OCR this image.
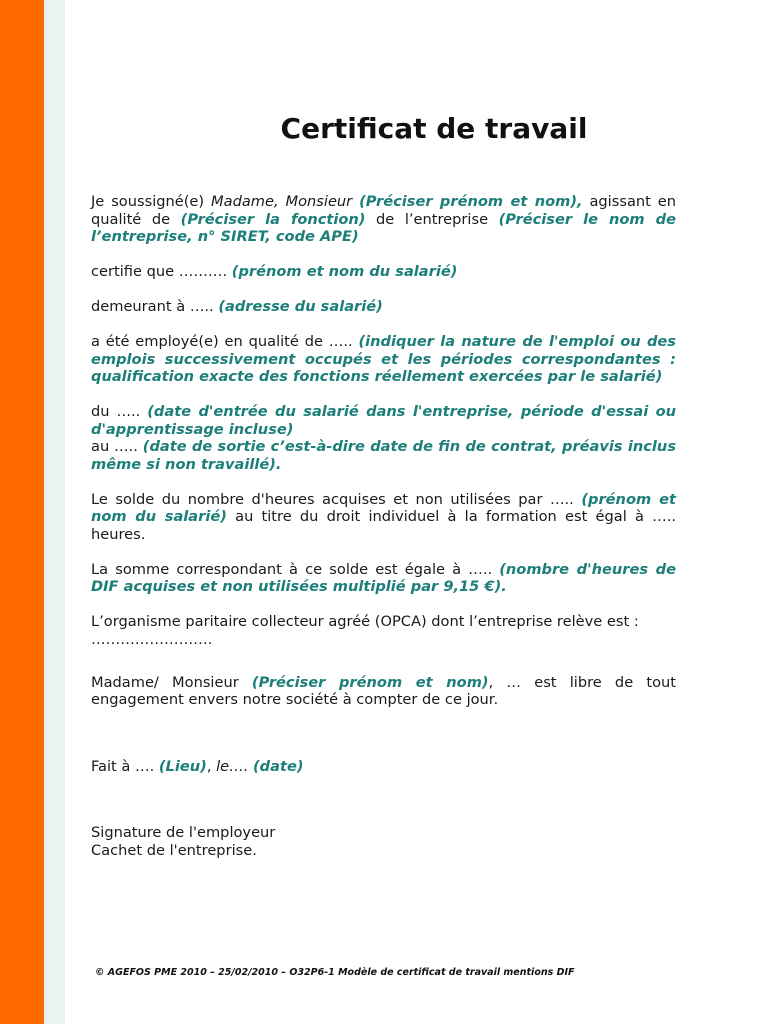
Certificat de travail

Je soussigné(e) Madame, Monsieur (Préciser prénom et nom), agissant en qualité de (Préciser la fonction) de l’entreprise (Préciser le nom de l’entreprise, n° SIRET, code APE)

certifie que ………. (prénom et nom du salarié)

demeurant à ….. (adresse du salarié)

a été employé(e) en qualité de ….. (indiquer la nature de l'emploi ou des emplois successivement occupés et les périodes correspondantes : qualification exacte des fonctions réellement exercées par le salarié)

du ….. (date d'entrée du salarié dans l'entreprise, période d'essai ou d'apprentissage incluse)
au ….. (date de sortie c’est-à-dire date de fin de contrat, préavis inclus même si non travaillé).

Le solde du nombre d'heures acquises et non utilisées par ….. (prénom et nom du salarié) au titre du droit individuel à la formation est égal à ….. heures.

La somme correspondant à ce solde est égale à ….. (nombre d'heures de DIF acquises et non utilisées multiplié par 9,15 €).

L’organisme paritaire collecteur agréé (OPCA) dont l’entreprise relève est :
…………………….

Madame/ Monsieur (Préciser prénom et nom), … est libre de tout engagement envers notre société à compter de ce jour.

Fait à …. (Lieu), le…. (date)

Signature de l'employeur
Cachet de l'entreprise.

© AGEFOS PME 2010 – 25/02/2010 – O32P6-1 Modèle de certificat de travail mentions DIF
